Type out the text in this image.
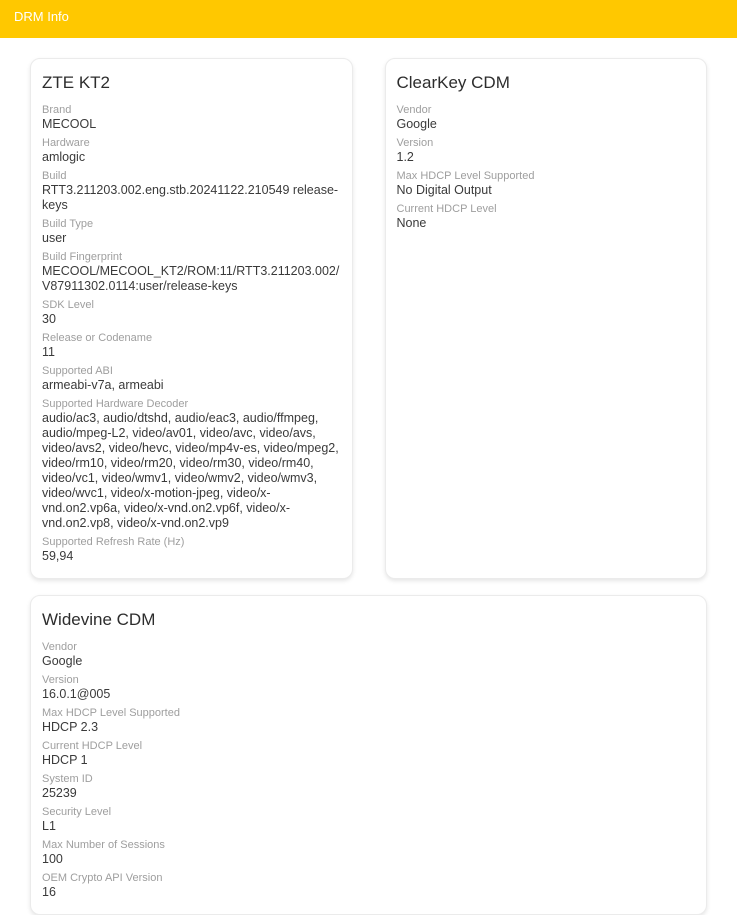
DRM Info
ZTE KT2
Brand
MECOOL
Hardware
amlogic
Build
RTT3.211203.002.eng.stb.20241122.210549 release-keys
Build Type
user
Build Fingerprint
MECOOL/MECOOL_KT2/ROM:11/RTT3.211203.002/V87911302.0114:user/release-keys
SDK Level
30
Release or Codename
11
Supported ABI
armeabi-v7a, armeabi
Supported Hardware Decoder
audio/ac3, audio/dtshd, audio/eac3, audio/ffmpeg, audio/mpeg-L2, video/av01, video/avc, video/avs, video/avs2, video/hevc, video/mp4v-es, video/mpeg2, video/rm10, video/rm20, video/rm30, video/rm40, video/vc1, video/wmv1, video/wmv2, video/wmv3, video/wvc1, video/x-motion-jpeg, video/x-vnd.on2.vp6a, video/x-vnd.on2.vp6f, video/x-vnd.on2.vp8, video/x-vnd.on2.vp9
Supported Refresh Rate (Hz)
59,94
ClearKey CDM
Vendor
Google
Version
1.2
Max HDCP Level Supported
No Digital Output
Current HDCP Level
None
Widevine CDM
Vendor
Google
Version
16.0.1@005
Max HDCP Level Supported
HDCP 2.3
Current HDCP Level
HDCP 1
System ID
25239
Security Level
L1
Max Number of Sessions
100
OEM Crypto API Version
16
